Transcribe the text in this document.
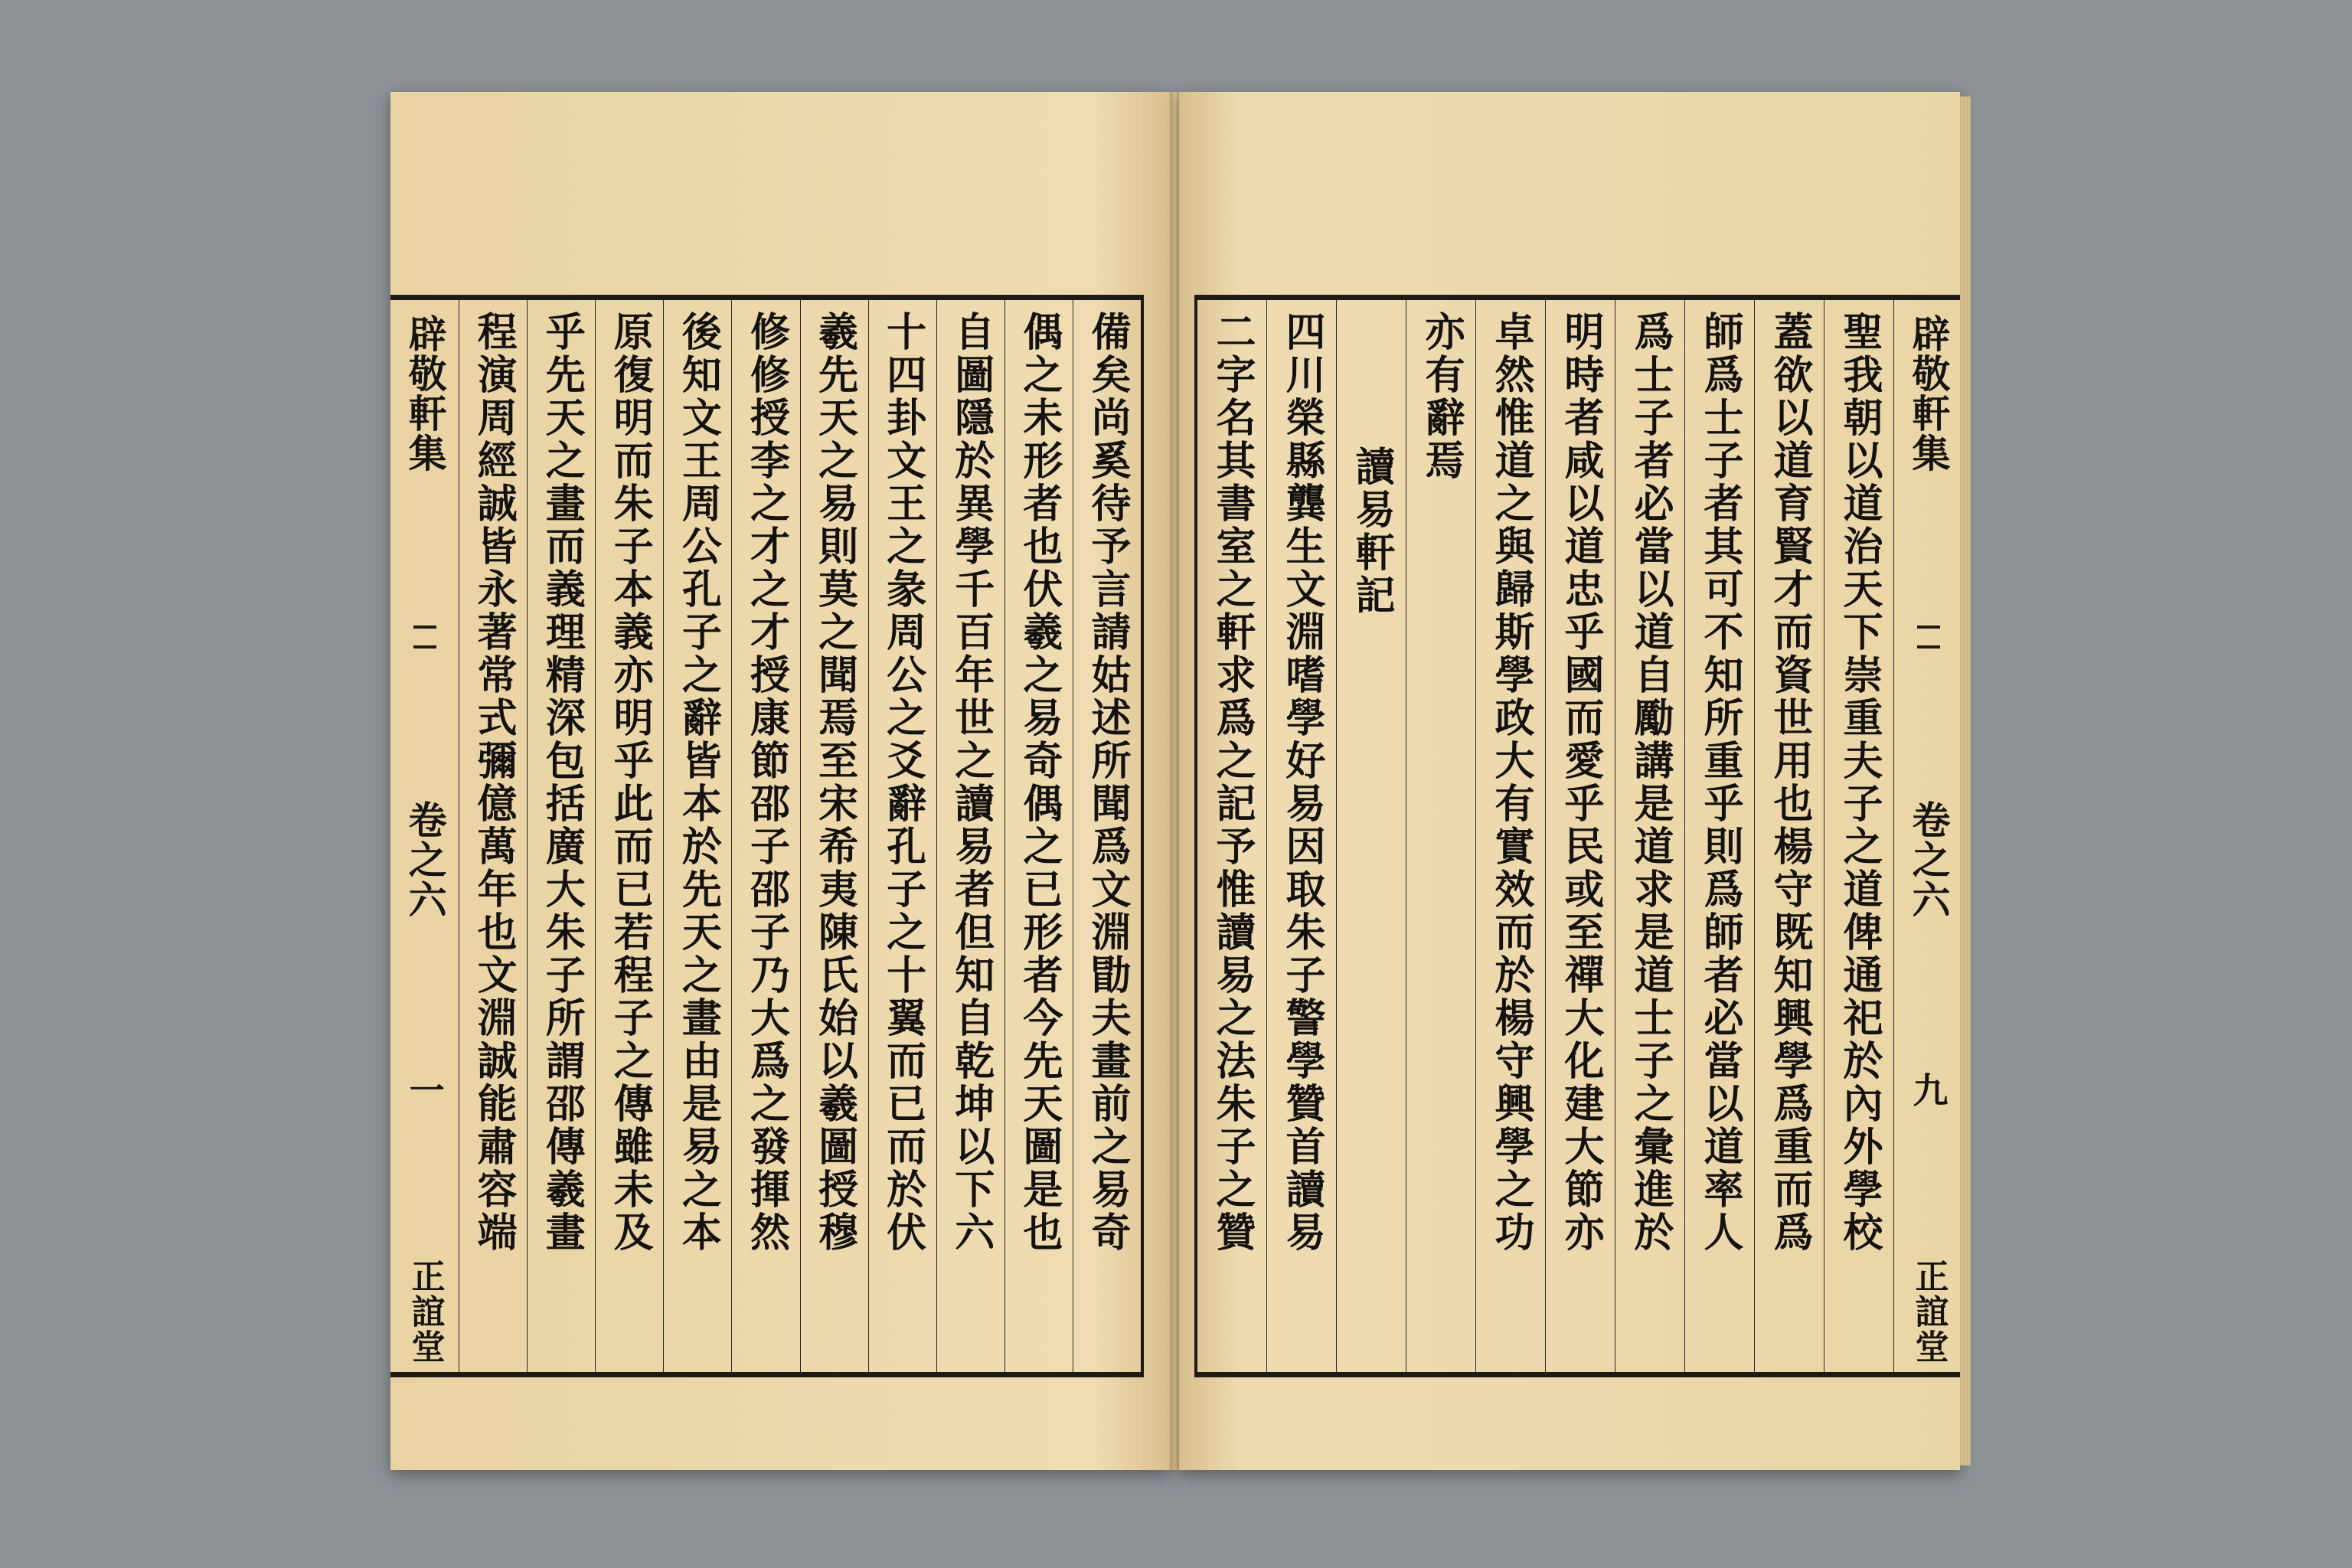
備矣尚奚待予言請姑述所聞爲文淵勖夫畫前之易奇
偶之未形者也伏羲之易奇偶之已形者今先天圖是也
自圖隱於異學千百年世之讀易者但知自乾坤以下六
十四卦文王之彖周公之爻辭孔子之十翼而已而於伏
羲先天之易則莫之聞焉至宋希夷陳氏始以羲圖授穆
修修授李之才之才授康節邵子邵子乃大爲之發揮然
後知文王周公孔子之辭皆本於先天之畫由是易之本
原復明而朱子本義亦明乎此而已若程子之傳雖未及
乎先天之畫而義理精深包括廣大朱子所謂邵傳羲畫
程演周經誠皆永著常式彌億萬年也文淵誠能肅容端
辟敬軒集
卷之六
一
正誼堂
辟敬軒集
卷之六
九
正誼堂
聖我朝以道治天下崇重夫子之道俾通祀於內外學校
蓋欲以道育賢才而資世用也楊守既知興學爲重而爲
師爲士子者其可不知所重乎則爲師者必當以道率人
爲士子者必當以道自勵講是道求是道士子之彙進於
明時者咸以道忠乎國而愛乎民或至禪大化建大節亦
卓然惟道之與歸斯學政大有實效而於楊守興學之功
亦有辭焉
讀易軒記
四川榮縣龔生文淵嗜學好易因取朱子警學贊首讀易
二字名其書室之軒求爲之記予惟讀易之法朱子之贊
